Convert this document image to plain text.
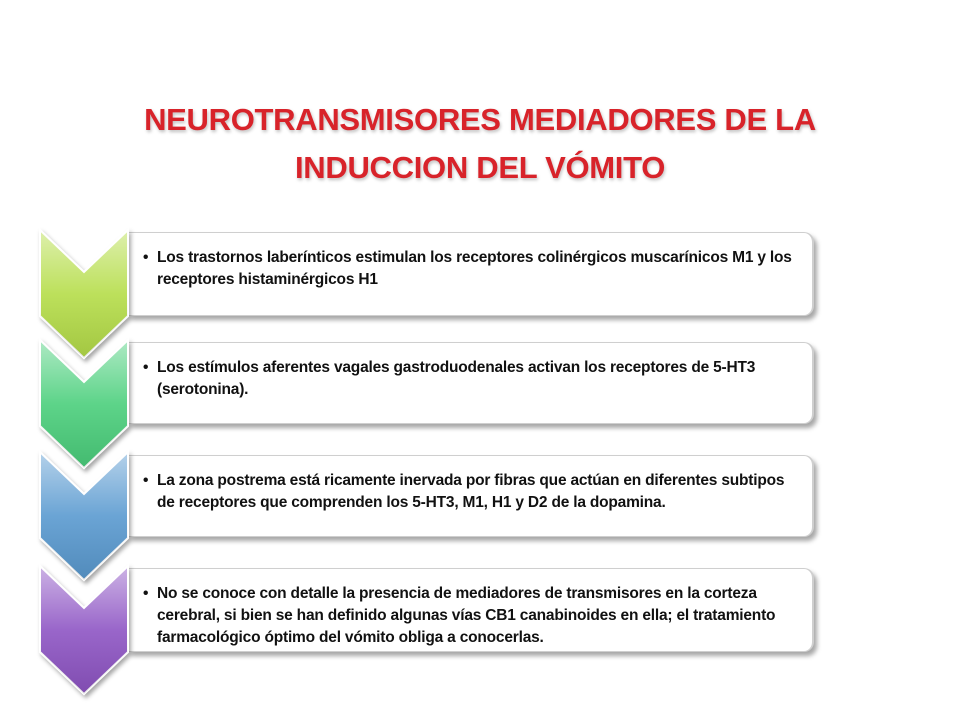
NEUROTRANSMISORES MEDIADORES DE LA
INDUCCION DEL VÓMITO
• Los trastornos laberínticos estimulan los receptores colinérgicos muscarínicos M1 y los receptores histaminérgicos H1
• Los estímulos aferentes vagales gastroduodenales activan los receptores de 5-HT3 (serotonina).
• La zona postrema está ricamente inervada por fibras que actúan en diferentes subtipos de receptores que comprenden los 5-HT3, M1, H1 y D2 de la dopamina.
• No se conoce con detalle la presencia de mediadores de transmisores en la corteza cerebral, si bien se han definido algunas vías CB1 canabinoides en ella; el tratamiento farmacológico óptimo del vómito obliga a conocerlas.
